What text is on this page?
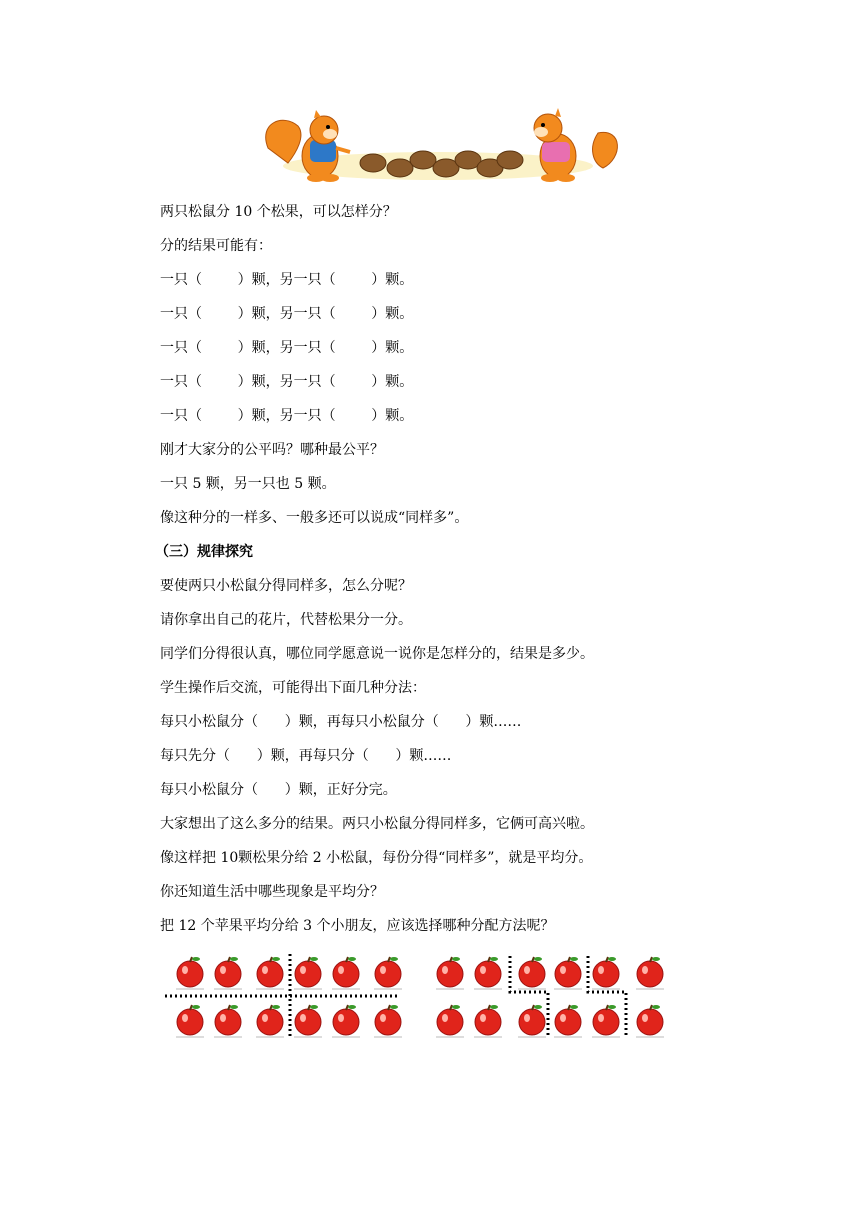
两只松鼠分 10 个松果，可以怎样分？
分的结果可能有：
一只（        ）颗，另一只（        ）颗。
一只（        ）颗，另一只（        ）颗。
一只（        ）颗，另一只（        ）颗。
一只（        ）颗，另一只（        ）颗。
一只（        ）颗，另一只（        ）颗。
刚才大家分的公平吗？哪种最公平？
一只 5 颗，另一只也 5 颗。
像这种分的一样多、一般多还可以说成“同样多”。
（三）规律探究
要使两只小松鼠分得同样多，怎么分呢？
请你拿出自己的花片，代替松果分一分。
同学们分得很认真，哪位同学愿意说一说你是怎样分的，结果是多少。
学生操作后交流，可能得出下面几种分法：
每只小松鼠分（      ）颗，再每只小松鼠分（      ）颗……
每只先分（      ）颗，再每只分（      ）颗……
每只小松鼠分（      ）颗，正好分完。
大家想出了这么多分的结果。两只小松鼠分得同样多，它俩可高兴啦。
像这样把 10颗松果分给 2 小松鼠，每份分得“同样多”，就是平均分。
你还知道生活中哪些现象是平均分？
把 12 个苹果平均分给 3 个小朋友，应该选择哪种分配方法呢？
